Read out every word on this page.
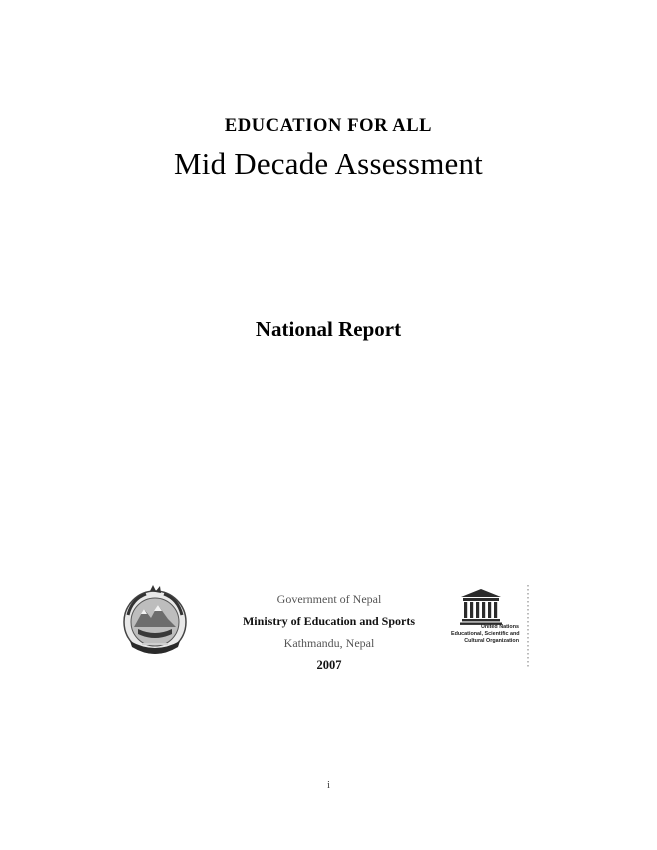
EDUCATION FOR ALL
Mid Decade Assessment
National Report
Government of Nepal
Ministry of Education and Sports
Kathmandu, Nepal
2007
United Nations
Educational, Scientific and
Cultural Organization
i
